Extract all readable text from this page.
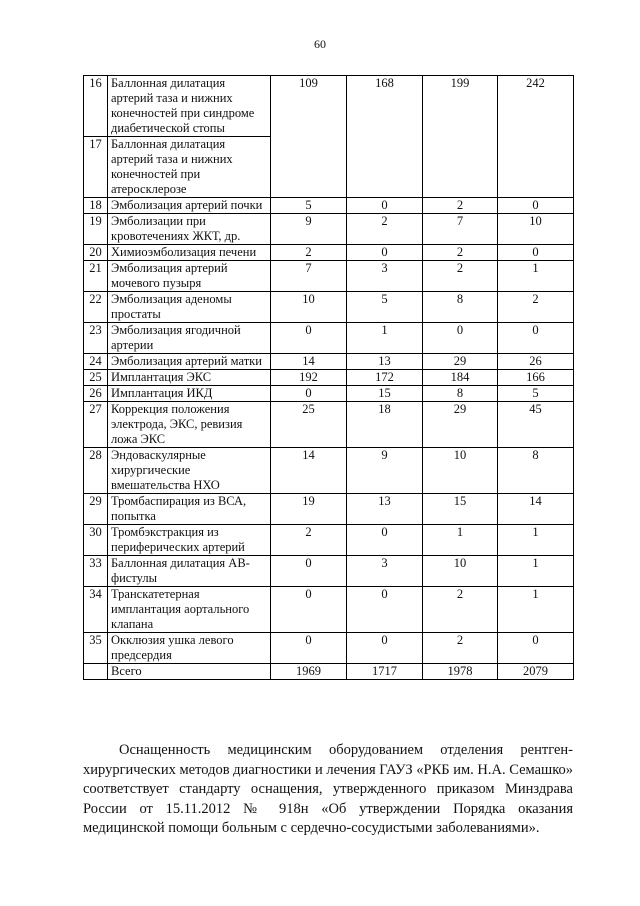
60
16	Баллонная дилатация артерий таза и нижних конечностей при синдроме диабетической стопы	109	168	199	242
17	Баллонная дилатация артерий таза и нижних конечностей при атеросклерозе				
18	Эмболизация артерий почки	5	0	2	0
19	Эмболизации при кровотечениях ЖКТ, др.	9	2	7	10
20	Химиоэмболизация печени	2	0	2	0
21	Эмболизация артерий мочевого пузыря	7	3	2	1
22	Эмболизация аденомы простаты	10	5	8	2
23	Эмболизация ягодичной артерии	0	1	0	0
24	Эмболизация артерий матки	14	13	29	26
25	Имплантация ЭКС	192	172	184	166
26	Имплантация ИКД	0	15	8	5
27	Коррекция положения электрода, ЭКС, ревизия ложа ЭКС	25	18	29	45
28	Эндоваскулярные хирургические вмешательства НХО	14	9	10	8
29	Тромбаспирация из ВСА, попытка	19	13	15	14
30	Тромбэкстракция из периферических артерий	2	0	1	1
33	Баллонная дилатация АВ-фистулы	0	3	10	1
34	Транскатетерная имплантация аортального клапана	0	0	2	1
35	Окклюзия ушка левого предсердия	0	0	2	0
	Всего	1969	1717	1978	2079

Оснащенность медицинским оборудованием отделения рентген-хирургических методов диагностики и лечения ГАУЗ «РКБ им. Н.А. Семашко» соответствует стандарту оснащения, утвержденного приказом Минздрава России от 15.11.2012 № 918н «Об утверждении Порядка оказания медицинской помощи больным с сердечно-сосудистыми заболеваниями».
